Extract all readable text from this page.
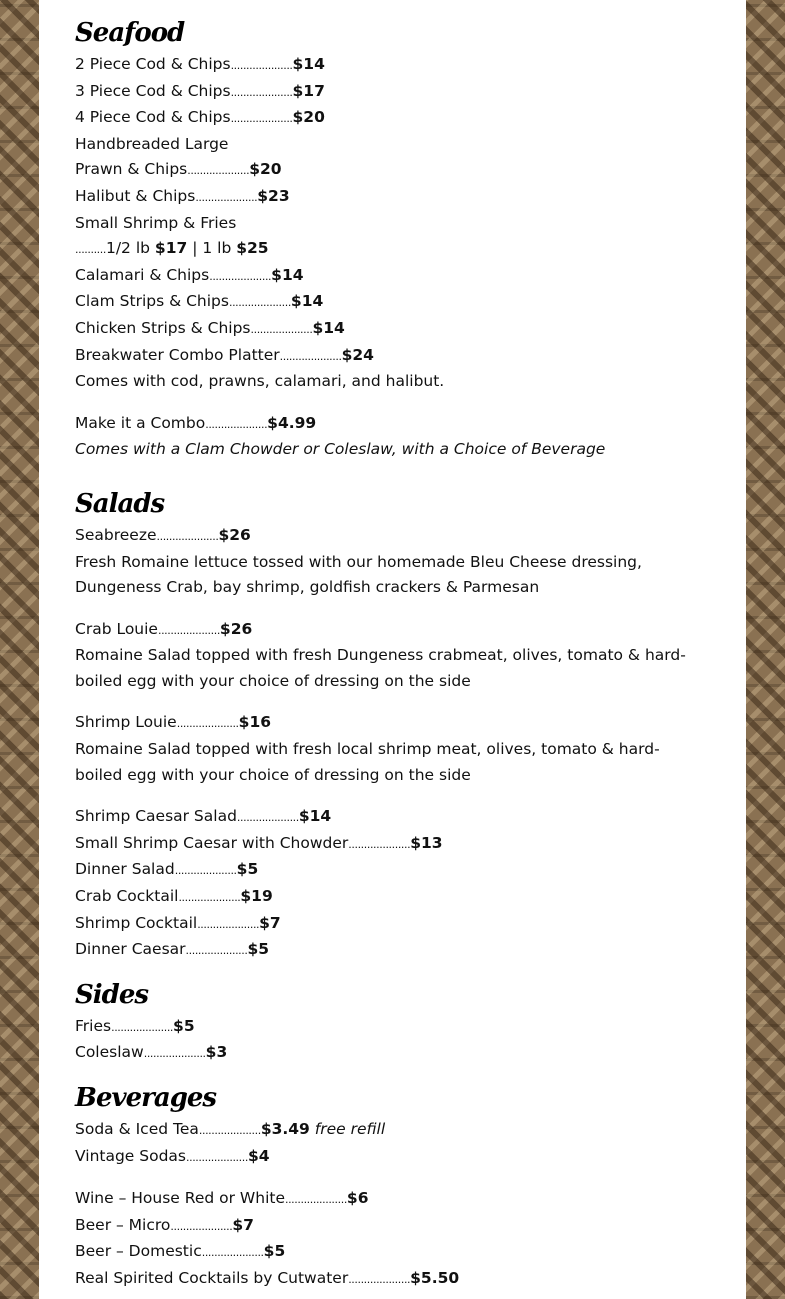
Seafood
2 Piece Cod & Chips....................$14
3 Piece Cod & Chips....................$17
4 Piece Cod & Chips....................$20
Handbreaded Large
Prawn & Chips....................$20
Halibut & Chips....................$23
Small Shrimp & Fries
..........1/2 lb $17 | 1 lb $25
Calamari & Chips....................$14
Clam Strips & Chips....................$14
Chicken Strips & Chips....................$14
Breakwater Combo Platter....................$24
Comes with cod, prawns, calamari, and halibut.
Make it a Combo....................$4.99
Comes with a Clam Chowder or Coleslaw, with a Choice of Beverage
Salads
Seabreeze....................$26
Fresh Romaine lettuce tossed with our homemade Bleu Cheese dressing, Dungeness Crab, bay shrimp, goldfish crackers & Parmesan
Crab Louie....................$26
Romaine Salad topped with fresh Dungeness crabmeat, olives, tomato & hard-boiled egg with your choice of dressing on the side
Shrimp Louie....................$16
Romaine Salad topped with fresh local shrimp meat, olives, tomato & hard-boiled egg with your choice of dressing on the side
Shrimp Caesar Salad....................$14
Small Shrimp Caesar with Chowder....................$13
Dinner Salad....................$5
Crab Cocktail....................$19
Shrimp Cocktail....................$7
Dinner Caesar....................$5
Sides
Fries....................$5
Coleslaw....................$3
Beverages
Soda & Iced Tea....................$3.49 free refill
Vintage Sodas....................$4
Wine – House Red or White....................$6
Beer – Micro....................$7
Beer – Domestic....................$5
Real Spirited Cocktails by Cutwater....................$5.50
